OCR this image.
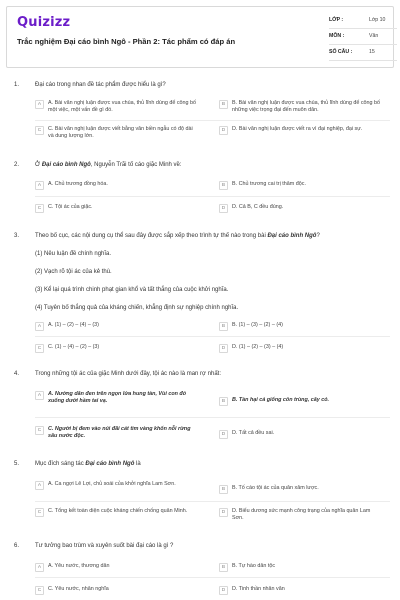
Quizizz
Trắc nghiệm Đại cáo bình Ngô - Phần 2: Tác phẩm có đáp án
LỚP :	Lớp 10
MÔN :	Văn
SỐ CÂU :	15
1.	Đại cáo trong nhan đề tác phẩm được hiểu là gì?
A	A. Bài văn nghị luận được vua chúa, thủ lĩnh dùng để công bố một việc, một vấn đề gì đó.
B	B. Bài văn nghị luận được vua chúa, thủ lĩnh dùng để công bố những việc trọng đại đến muôn dân.
C	C. Bài văn nghị luận được viết bằng văn biền ngẫu có độ dài và dung lượng lớn.
D	D. Bài văn nghị luận được viết ra vì đại nghiệp, đại sự.
2.	Ở Đại cáo bình Ngô, Nguyễn Trãi tố cáo giặc Minh về:
A	A. Chủ trương đồng hóa.	B	B. Chủ trương cai trị thâm độc.
C	C. Tội ác của giặc.	D	D. Cả B, C đều đúng.
3.	Theo bố cục, các nội dung cụ thể sau đây được sắp xếp theo trình tự thế nào trong bài Đại cáo bình Ngô?
(1) Nêu luận đề chính nghĩa.
(2) Vạch rõ tội ác của kẻ thù.
(3) Kể lại quá trình chinh phạt gian khổ và tất thắng của cuộc khởi nghĩa.
(4) Tuyên bố thắng quả của kháng chiến, khẳng định sự nghiệp chính nghĩa.
A	A. (1) – (2) – (4) – (3)	B	B. (1) – (3) – (2) – (4)
C	C. (1) – (4) – (2) – (3)	D	D. (1) – (2) – (3) – (4)
4.	Trong những tội ác của giặc Minh dưới đây, tội ác nào là man rợ nhất:
A	A. Nướng dân đen trên ngọn lửa hung tàn, Vùi con đỏ xuống dưới hầm tai vạ.	B	B. Tàn hại cả giống côn trùng, cây cỏ.
C	C. Người bị đem vào núi đãi cát tìm vàng khốn nỗi rừng sâu nước độc.	D	D. Tất cả đều sai.
5.	Mục đích sáng tác Đại cáo bình Ngô là
A	A. Ca ngợi Lê Lợi, chủ soái của khởi nghĩa Lam Sơn.
B	B. Tố cáo tội ác của quân xâm lược.
C	C. Tổng kết toàn diện cuộc kháng chiến chống quân Minh.	D	D. Biểu dương sức mạnh công trạng của nghĩa quân Lam Sơn.
6.	Tư tưởng bao trùm và xuyên suốt bài đại cáo là gì ?
A	A. Yêu nước, thương dân	B	B. Tự hào dân tộc
C	C. Yêu nước, nhân nghĩa	D	D. Tinh thần nhân văn
